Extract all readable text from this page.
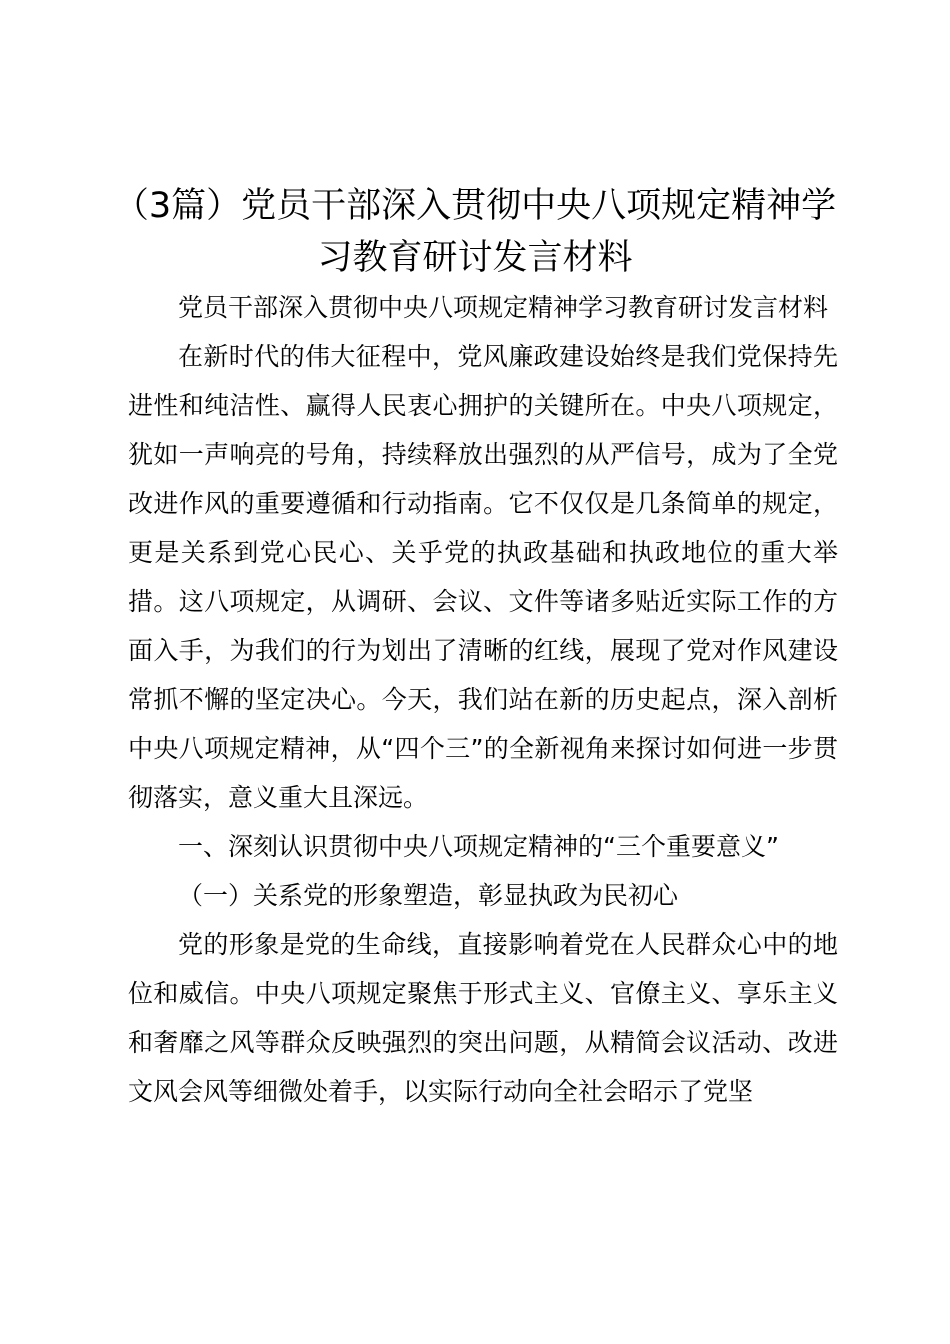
（3篇）党员干部深入贯彻中央八项规定精神学习教育研讨发言材料

党员干部深入贯彻中央八项规定精神学习教育研讨发言材料

在新时代的伟大征程中，党风廉政建设始终是我们党保持先进性和纯洁性、赢得人民衷心拥护的关键所在。中央八项规定，犹如一声响亮的号角，持续释放出强烈的从严信号，成为了全党改进作风的重要遵循和行动指南。它不仅仅是几条简单的规定，更是关系到党心民心、关乎党的执政基础和执政地位的重大举措。这八项规定，从调研、会议、文件等诸多贴近实际工作的方面入手，为我们的行为划出了清晰的红线，展现了党对作风建设常抓不懈的坚定决心。今天，我们站在新的历史起点，深入剖析中央八项规定精神，从“四个三”的全新视角来探讨如何进一步贯彻落实，意义重大且深远。

一、深刻认识贯彻中央八项规定精神的“三个重要意义”

（一）关系党的形象塑造，彰显执政为民初心

党的形象是党的生命线，直接影响着党在人民群众心中的地位和威信。中央八项规定聚焦于形式主义、官僚主义、享乐主义和奢靡之风等群众反映强烈的突出问题，从精简会议活动、改进文风会风等细微处着手，以实际行动向全社会昭示了党坚
